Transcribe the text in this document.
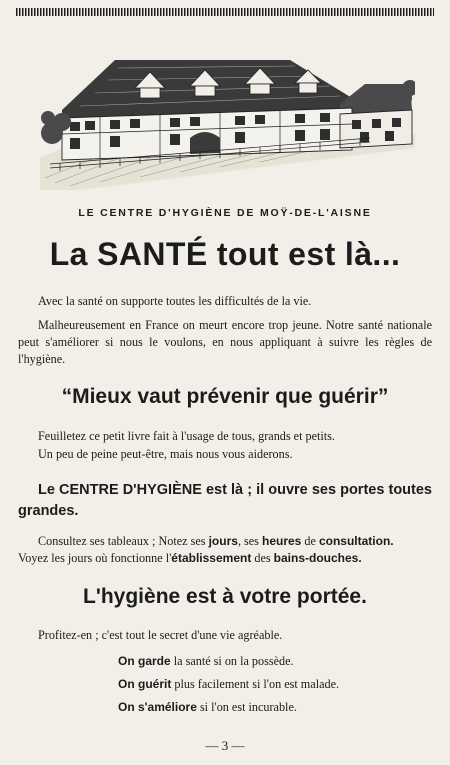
LE CENTRE D'HYGIÈNE DE MOŸ-DE-L'AISNE
La SANTÉ tout est là...
Avec la santé on supporte toutes les difficultés de la vie.
Malheureusement en France on meurt encore trop jeune. Notre santé nationale peut s'améliorer si nous le voulons, en nous appliquant à suivre les règles de l'hygiène.
“Mieux vaut prévenir que guérir”
Feuilletez ce petit livre fait à l'usage de tous, grands et petits.
Un peu de peine peut-être, mais nous vous aiderons.
Le CENTRE D'HYGIÈNE est là ; il ouvre ses portes toutes grandes.
Consultez ses tableaux ; Notez ses jours, ses heures de consultation.
Voyez les jours où fonctionne l'établissement des bains-douches.
L'hygiène est à votre portée.
Profitez-en ; c'est tout le secret d'une vie agréable.
On garde la santé si on la possède.
On guérit plus facilement si l'on est malade.
On s'améliore si l'on est incurable.
— 3 —
